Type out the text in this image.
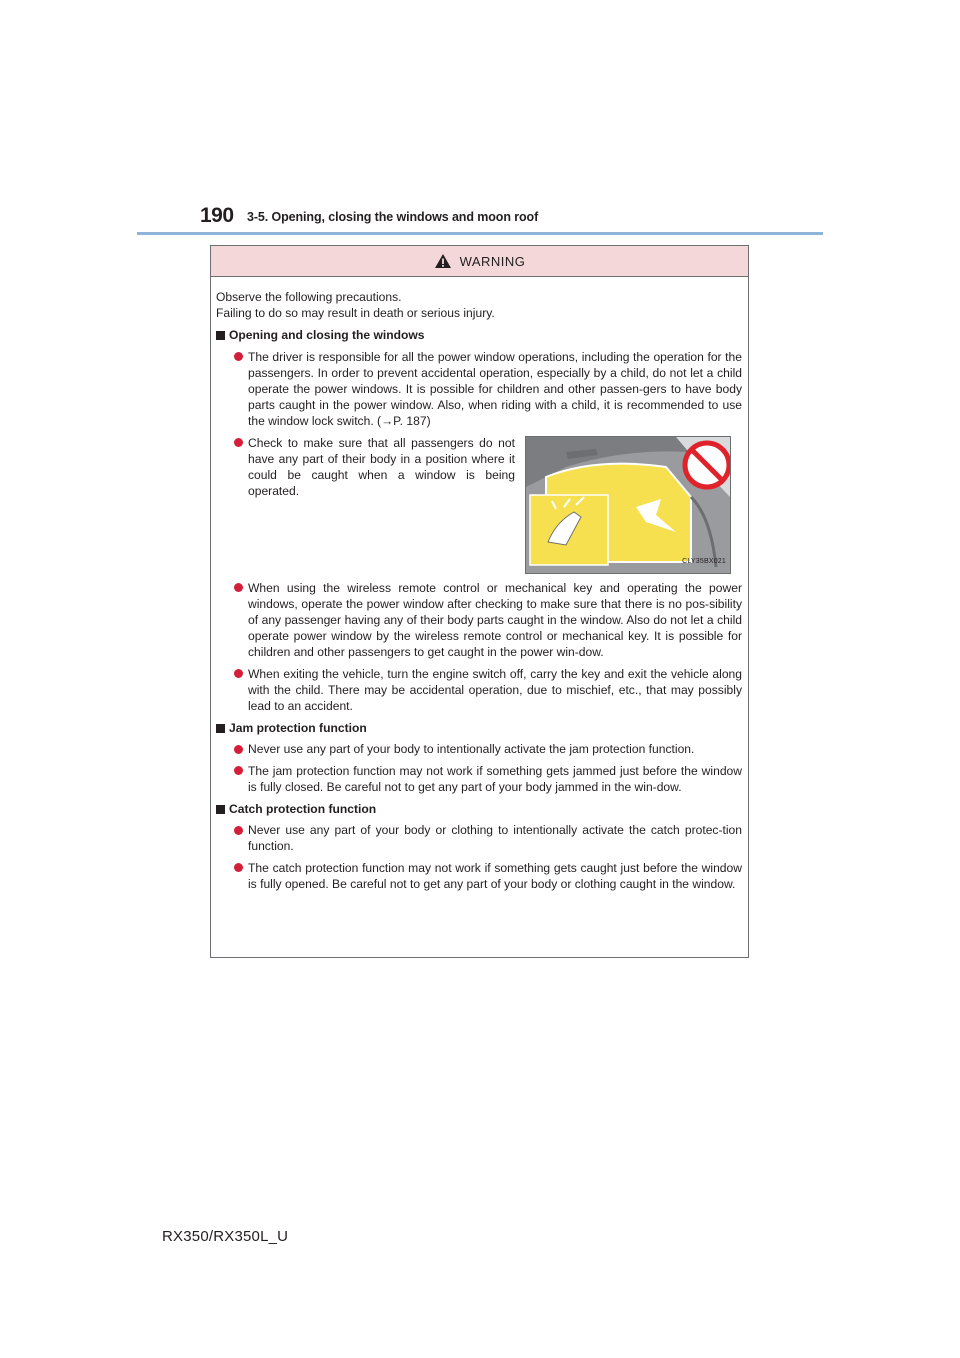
190 3-5. Opening, closing the windows and moon roof
WARNING

Observe the following precautions.
Failing to do so may result in death or serious injury.

Opening and closing the windows
The driver is responsible for all the power window operations, including the operation for the passengers. In order to prevent accidental operation, especially by a child, do not let a child operate the power windows. It is possible for children and other passen-gers to have body parts caught in the power window. Also, when riding with a child, it is recommended to use the window lock switch. (→P. 187)
Check to make sure that all passengers do not have any part of their body in a position where it could be caught when a window is being operated.
CLY35BX021
When using the wireless remote control or mechanical key and operating the power windows, operate the power window after checking to make sure that there is no pos-sibility of any passenger having any of their body parts caught in the window. Also do not let a child operate power window by the wireless remote control or mechanical key. It is possible for children and other passengers to get caught in the power win-dow.
When exiting the vehicle, turn the engine switch off, carry the key and exit the vehicle along with the child. There may be accidental operation, due to mischief, etc., that may possibly lead to an accident.
Jam protection function
Never use any part of your body to intentionally activate the jam protection function.
The jam protection function may not work if something gets jammed just before the window is fully closed. Be careful not to get any part of your body jammed in the win-dow.
Catch protection function
Never use any part of your body or clothing to intentionally activate the catch protec-tion function.
The catch protection function may not work if something gets caught just before the window is fully opened. Be careful not to get any part of your body or clothing caught in the window.
RX350/RX350L_U
